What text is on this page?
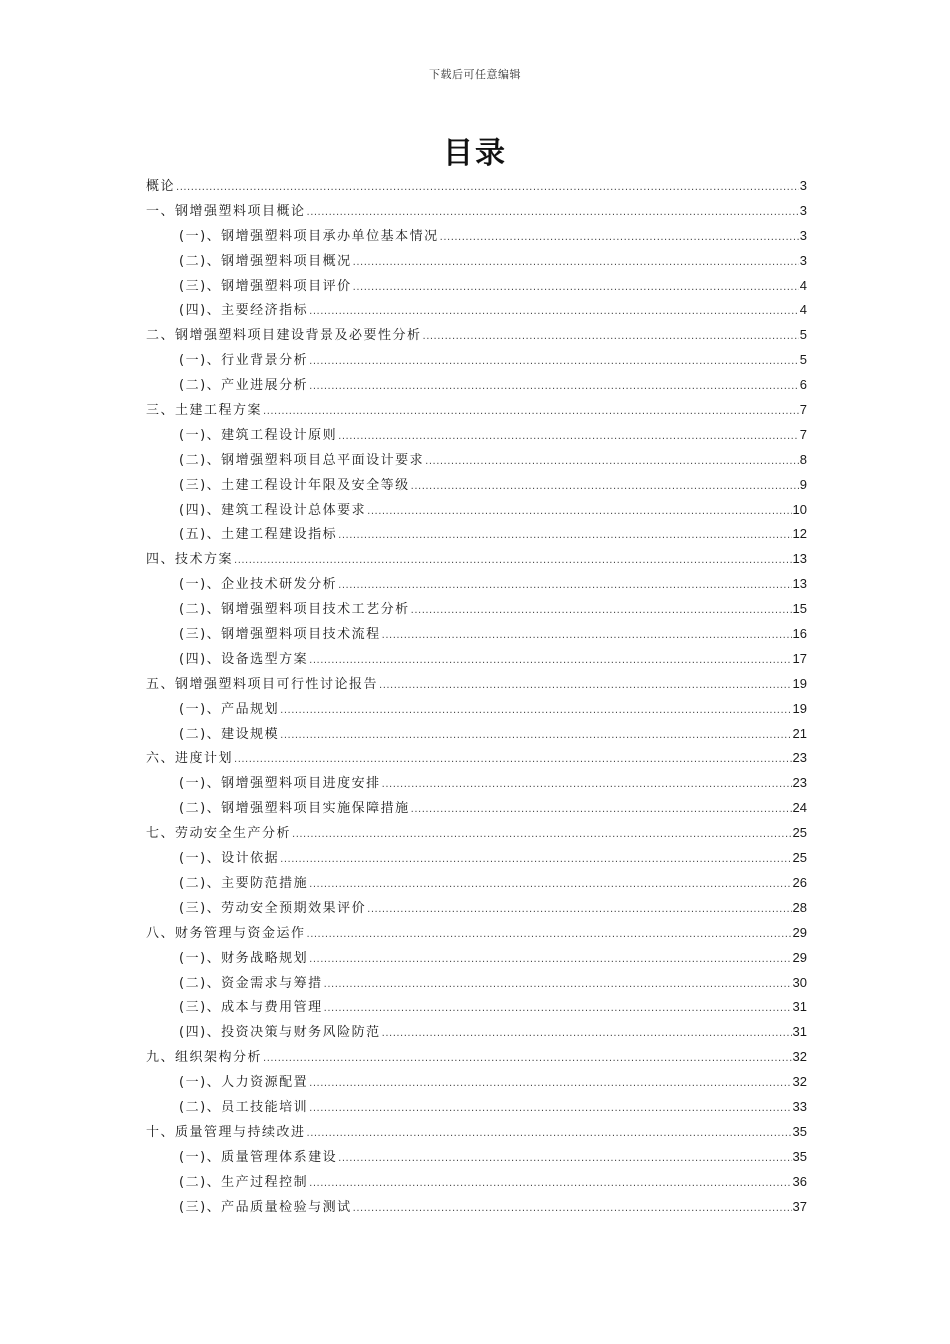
下载后可任意编辑
目录
概论 .....	3
一、钢增强塑料项目概论 .....	3
(一)、钢增强塑料项目承办单位基本情况 .....	3
(二)、钢增强塑料项目概况 .....	3
(三)、钢增强塑料项目评价 .....	4
(四)、主要经济指标 .....	4
二、钢增强塑料项目建设背景及必要性分析 .....	5
(一)、行业背景分析 .....	5
(二)、产业进展分析 .....	6
三、土建工程方案 .....	7
(一)、建筑工程设计原则 .....	7
(二)、钢增强塑料项目总平面设计要求 .....	8
(三)、土建工程设计年限及安全等级 .....	9
(四)、建筑工程设计总体要求 .....	10
(五)、土建工程建设指标 .....	12
四、技术方案 .....	13
(一)、企业技术研发分析 .....	13
(二)、钢增强塑料项目技术工艺分析 .....	15
(三)、钢增强塑料项目技术流程 .....	16
(四)、设备选型方案 .....	17
五、钢增强塑料项目可行性讨论报告 .....	19
(一)、产品规划 .....	19
(二)、建设规模 .....	21
六、进度计划 .....	23
(一)、钢增强塑料项目进度安排 .....	23
(二)、钢增强塑料项目实施保障措施 .....	24
七、劳动安全生产分析 .....	25
(一)、设计依据 .....	25
(二)、主要防范措施 .....	26
(三)、劳动安全预期效果评价 .....	28
八、财务管理与资金运作 .....	29
(一)、财务战略规划 .....	29
(二)、资金需求与筹措 .....	30
(三)、成本与费用管理 .....	31
(四)、投资决策与财务风险防范 .....	31
九、组织架构分析 .....	32
(一)、人力资源配置 .....	32
(二)、员工技能培训 .....	33
十、质量管理与持续改进 .....	35
(一)、质量管理体系建设 .....	35
(二)、生产过程控制 .....	36
(三)、产品质量检验与测试 .....	37
